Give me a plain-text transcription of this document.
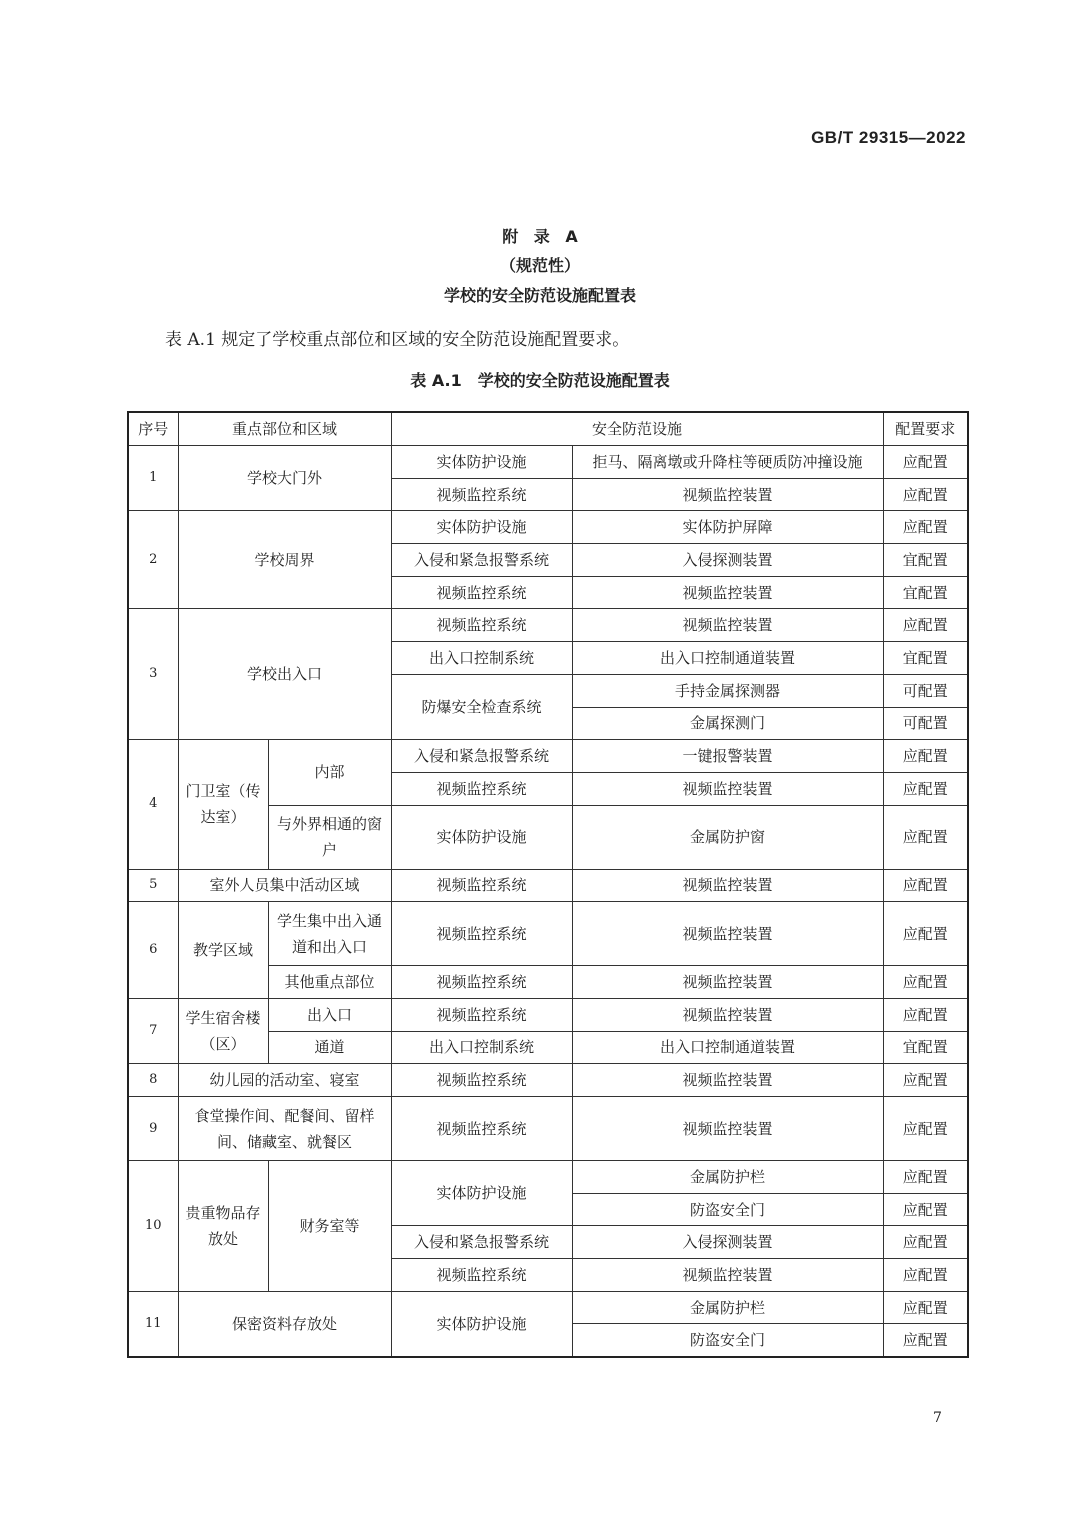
GB/T 29315—2022
附 录 A
（规范性）
学校的安全防范设施配置表
表 A.1 规定了学校重点部位和区域的安全防范设施配置要求。
表 A.1　学校的安全防范设施配置表
序号	重点部位和区域		安全防范设施		配置要求
1	学校大门外		实体防护设施	拒马、隔离墩或升降柱等硬质防冲撞设施	应配置
			视频监控系统	视频监控装置	应配置
2	学校周界		实体防护设施	实体防护屏障	应配置
			入侵和紧急报警系统	入侵探测装置	宜配置
			视频监控系统	视频监控装置	宜配置
3	学校出入口		视频监控系统	视频监控装置	应配置
			出入口控制系统	出入口控制通道装置	宜配置
			防爆安全检查系统	手持金属探测器	可配置
				金属探测门	可配置
4	门卫室（传达室）	内部	入侵和紧急报警系统	一键报警装置	应配置
			视频监控系统	视频监控装置	应配置
		与外界相通的窗户	实体防护设施	金属防护窗	应配置
5	室外人员集中活动区域		视频监控系统	视频监控装置	应配置
6	教学区域	学生集中出入通道和出入口	视频监控系统	视频监控装置	应配置
		其他重点部位	视频监控系统	视频监控装置	应配置
7	学生宿舍楼（区）	出入口	视频监控系统	视频监控装置	应配置
		通道	出入口控制系统	出入口控制通道装置	宜配置
8	幼儿园的活动室、寝室		视频监控系统	视频监控装置	应配置
9	食堂操作间、配餐间、留样间、储藏室、就餐区		视频监控系统	视频监控装置	应配置
10	贵重物品存放处	财务室等	实体防护设施	金属防护栏	应配置
				防盗安全门	应配置
			入侵和紧急报警系统	入侵探测装置	应配置
			视频监控系统	视频监控装置	应配置
11	保密资料存放处		实体防护设施	金属防护栏	应配置
				防盗安全门	应配置
7
